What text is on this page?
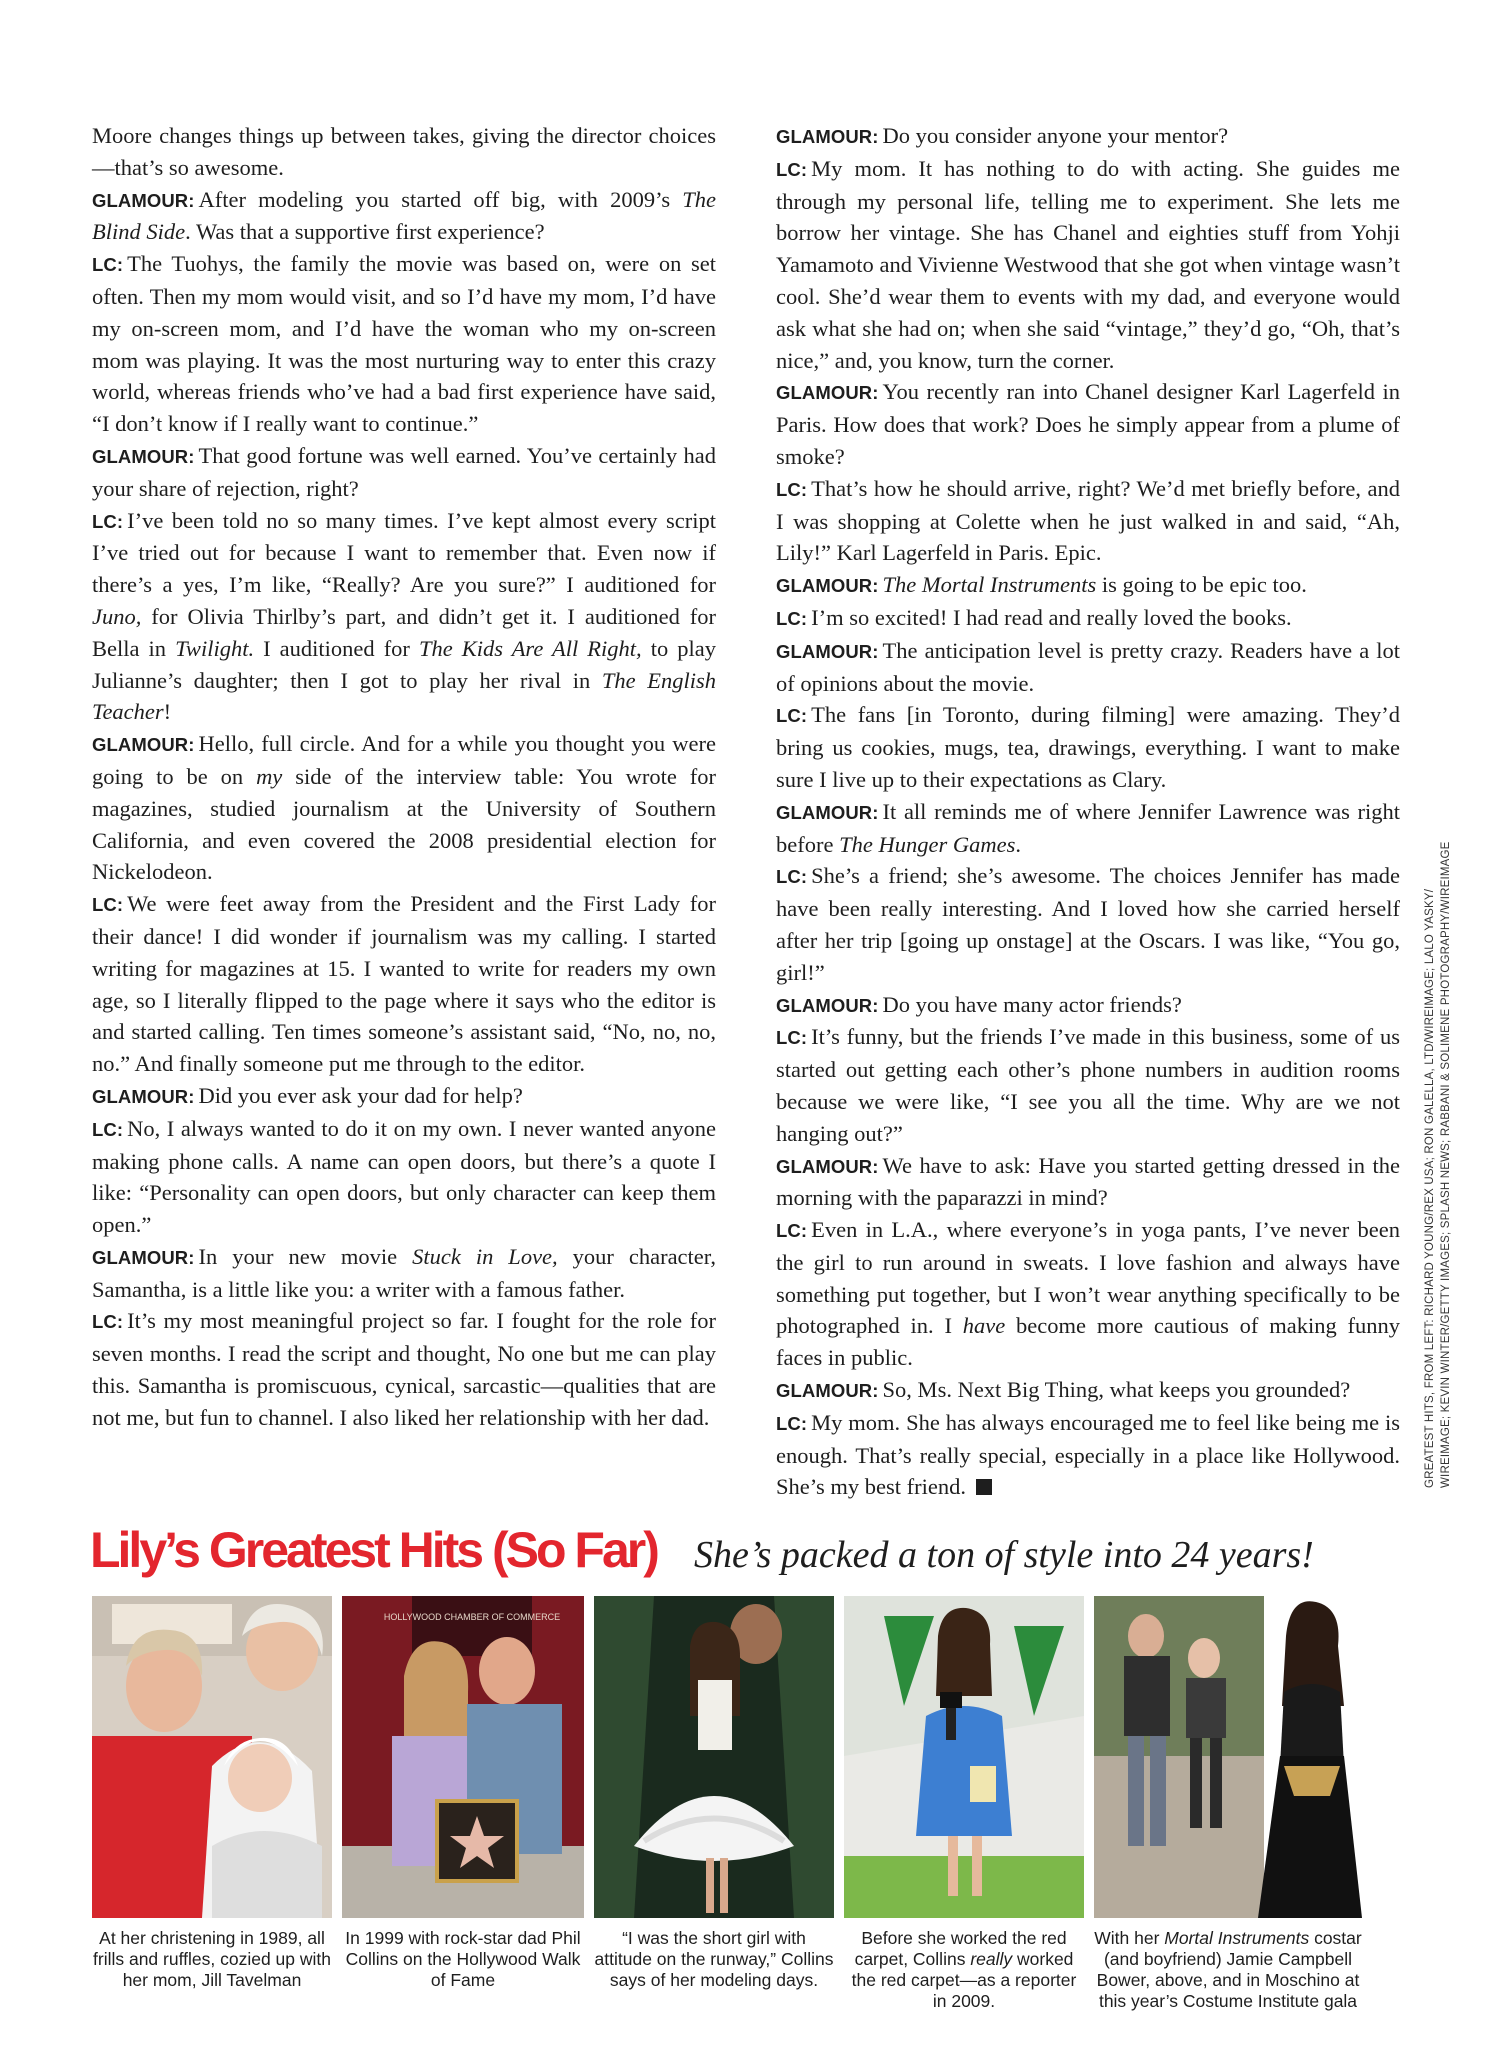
Moore changes things up between takes, giving the director choices—that’s so awesome.

GLAMOUR: After modeling you started off big, with 2009’s The Blind Side. Was that a supportive first experience?

LC: The Tuohys, the family the movie was based on, were on set often. Then my mom would visit, and so I’d have my mom, I’d have my on-screen mom, and I’d have the woman who my on-screen mom was playing. It was the most nurturing way to enter this crazy world, whereas friends who’ve had a bad first experience have said, “I don’t know if I really want to continue.”

GLAMOUR: That good fortune was well earned. You’ve certainly had your share of rejection, right?

LC: I’ve been told no so many times. I’ve kept almost every script I’ve tried out for because I want to remember that. Even now if there’s a yes, I’m like, “Really? Are you sure?” I auditioned for Juno, for Olivia Thirlby’s part, and didn’t get it. I auditioned for Bella in Twilight. I auditioned for The Kids Are All Right, to play Julianne’s daughter; then I got to play her rival in The English Teacher!

GLAMOUR: Hello, full circle. And for a while you thought you were going to be on my side of the interview table: You wrote for magazines, studied journalism at the University of Southern California, and even covered the 2008 presidential election for Nickelodeon.

LC: We were feet away from the President and the First Lady for their dance! I did wonder if journalism was my calling. I started writing for magazines at 15. I wanted to write for readers my own age, so I literally flipped to the page where it says who the editor is and started calling. Ten times someone’s assistant said, “No, no, no, no.” And finally someone put me through to the editor.

GLAMOUR: Did you ever ask your dad for help?

LC: No, I always wanted to do it on my own. I never wanted anyone making phone calls. A name can open doors, but there’s a quote I like: “Personality can open doors, but only character can keep them open.”

GLAMOUR: In your new movie Stuck in Love, your character, Samantha, is a little like you: a writer with a famous father.

LC: It’s my most meaningful project so far. I fought for the role for seven months. I read the script and thought, No one but me can play this. Samantha is promiscuous, cynical, sarcastic—qualities that are not me, but fun to channel. I also liked her relationship with her dad.

GLAMOUR: Do you consider anyone your mentor?

LC: My mom. It has nothing to do with acting. She guides me through my personal life, telling me to experiment. She lets me borrow her vintage. She has Chanel and eighties stuff from Yohji Yamamoto and Vivienne Westwood that she got when vintage wasn’t cool. She’d wear them to events with my dad, and everyone would ask what she had on; when she said “vintage,” they’d go, “Oh, that’s nice,” and, you know, turn the corner.

GLAMOUR: You recently ran into Chanel designer Karl Lagerfeld in Paris. How does that work? Does he simply appear from a plume of smoke?

LC: That’s how he should arrive, right? We’d met briefly before, and I was shopping at Colette when he just walked in and said, “Ah, Lily!” Karl Lagerfeld in Paris. Epic.

GLAMOUR: The Mortal Instruments is going to be epic too.

LC: I’m so excited! I had read and really loved the books.

GLAMOUR: The anticipation level is pretty crazy. Readers have a lot of opinions about the movie.

LC: The fans [in Toronto, during filming] were amazing. They’d bring us cookies, mugs, tea, drawings, everything. I want to make sure I live up to their expectations as Clary.

GLAMOUR: It all reminds me of where Jennifer Lawrence was right before The Hunger Games.

LC: She’s a friend; she’s awesome. The choices Jennifer has made have been really interesting. And I loved how she carried herself after her trip [going up onstage] at the Oscars. I was like, “You go, girl!”

GLAMOUR: Do you have many actor friends?

LC: It’s funny, but the friends I’ve made in this business, some of us started out getting each other’s phone numbers in audition rooms because we were like, “I see you all the time. Why are we not hanging out?”

GLAMOUR: We have to ask: Have you started getting dressed in the morning with the paparazzi in mind?

LC: Even in L.A., where everyone’s in yoga pants, I’ve never been the girl to run around in sweats. I love fashion and always have something put together, but I won’t wear anything specifically to be photographed in. I have become more cautious of making funny faces in public.

GLAMOUR: So, Ms. Next Big Thing, what keeps you grounded?

LC: My mom. She has always encouraged me to feel like being me is enough. That’s really special, especially in a place like Hollywood. She’s my best friend.	GREATEST HITS, FROM LEFT: RICHARD YOUNG/REX USA; RON GALELLA, LTD/WIREIMAGE; LALO YASKY/ WIREIMAGE; KEVIN WINTER/GETTY IMAGES; SPLASH NEWS; RABBANI & SOLIMENE PHOTOGRAPHY/WIREIMAGE
Lily’s Greatest Hits (So Far) She’s packed a ton of style into 24 years!
HOLLYWOOD CHAMBER OF COMMERCE
At her christening in 1989, all frills and ruffles, cozied up with her mom, Jill Tavelman
In 1999 with rock-star dad Phil Collins on the Hollywood Walk of Fame
“I was the short girl with attitude on the runway,” Collins says of her modeling days.
Before she worked the red carpet, Collins really worked the red carpet—as a reporter in 2009.
With her Mortal Instruments costar (and boyfriend) Jamie Campbell Bower, above, and in Moschino at this year’s Costume Institute gala
